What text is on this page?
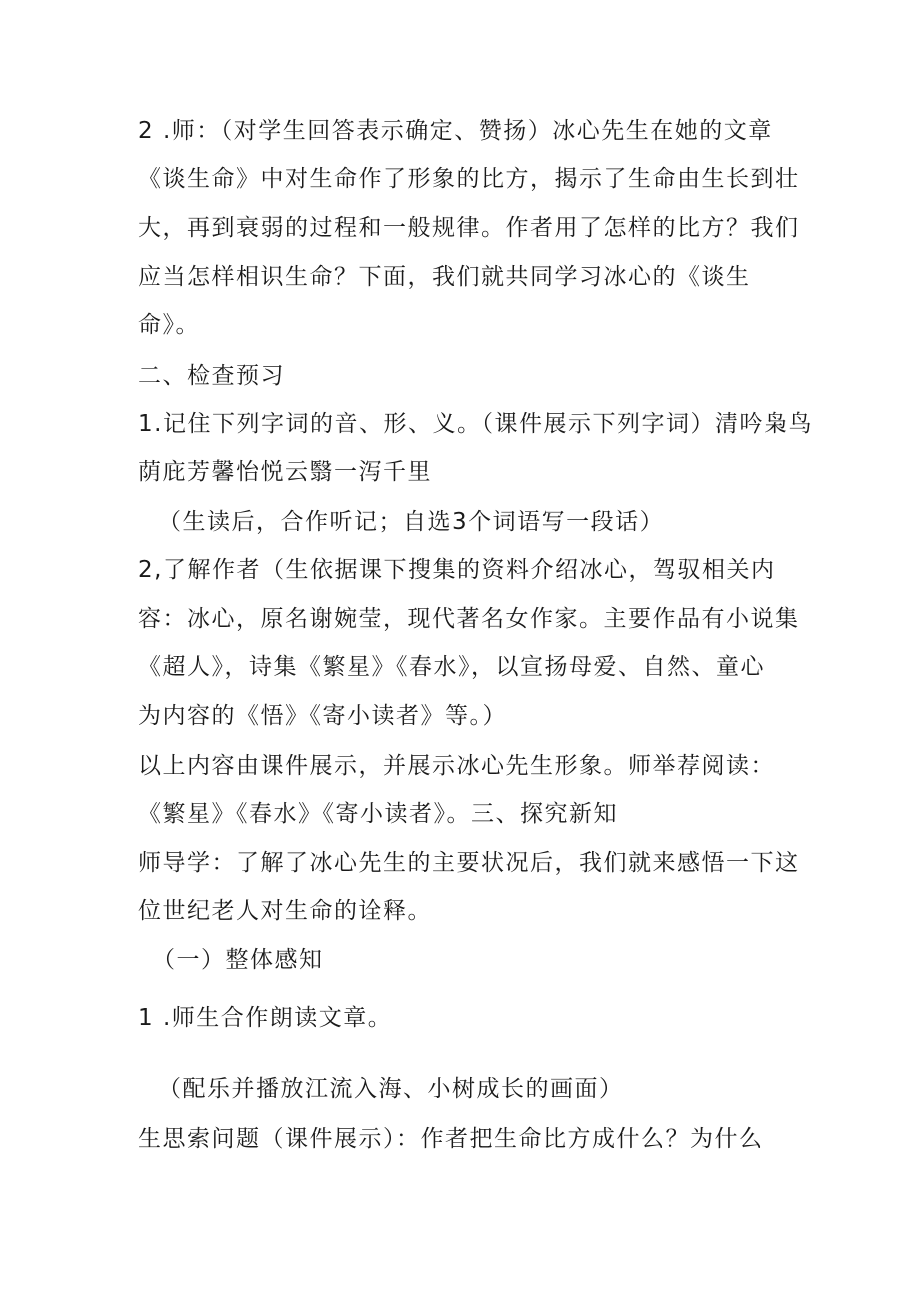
2 .师：（对学生回答表示确定、赞扬）冰心先生在她的文章
《谈生命》中对生命作了形象的比方，揭示了生命由生长到壮
大，再到衰弱的过程和一般规律。作者用了怎样的比方？我们
应当怎样相识生命？下面，我们就共同学习冰心的《谈生
命》。
二、检查预习
1.记住下列字词的音、形、义。（课件展示下列字词）清吟枭鸟
荫庇芳馨怡悦云翳一泻千里
（生读后，合作听记；自选3个词语写一段话）
2,了解作者（生依据课下搜集的资料介绍冰心，驾驭相关内
容：冰心，原名谢婉莹，现代著名女作家。主要作品有小说集
《超人》，诗集《繁星》《春水》，以宣扬母爱、自然、童心
为内容的《悟》《寄小读者》等。）
以上内容由课件展示，并展示冰心先生形象。师举荐阅读：
《繁星》《春水》《寄小读者》。三、探究新知
师导学：了解了冰心先生的主要状况后，我们就来感悟一下这
位世纪老人对生命的诠释。
（一）整体感知
1 .师生合作朗读文章。
（配乐并播放江流入海、小树成长的画面）
生思索问题（课件展示）：作者把生命比方成什么？为什么
